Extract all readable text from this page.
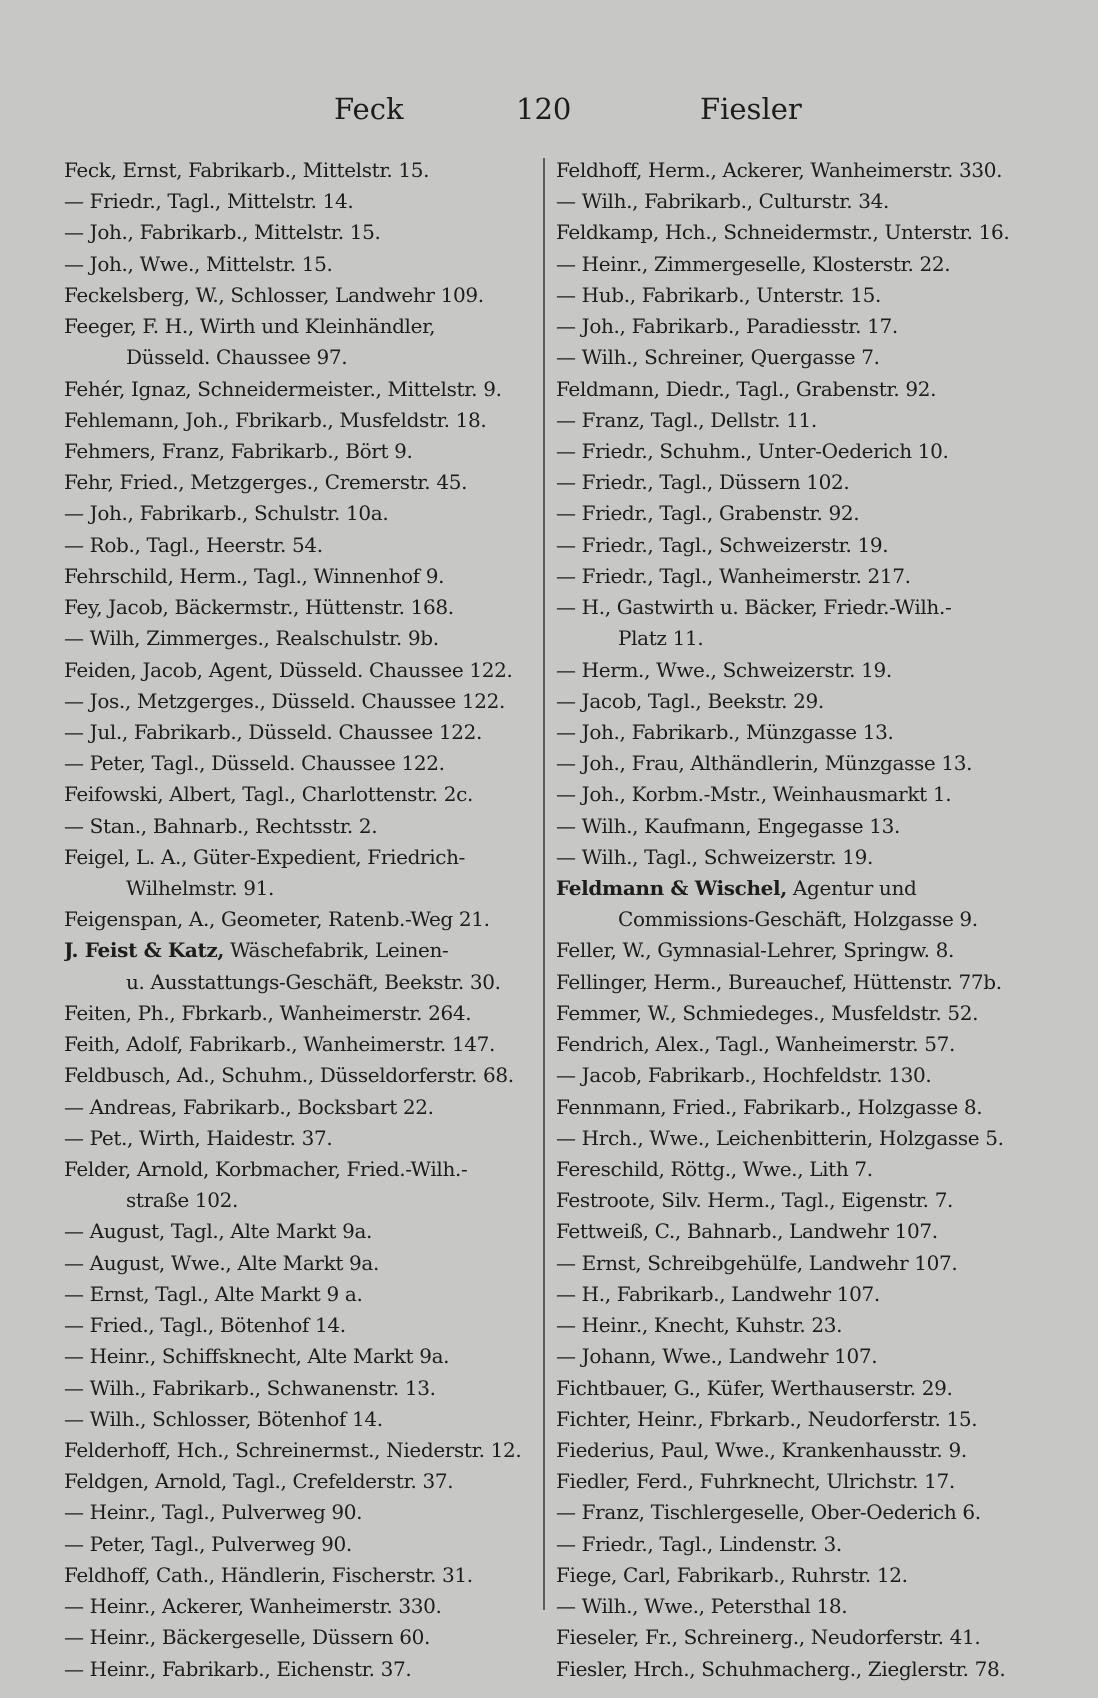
Feck	120	Fiesler
Feck, Ernst, Fabrikarb., Mittelstr. 15.
— Friedr., Tagl., Mittelstr. 14.
— Joh., Fabrikarb., Mittelstr. 15.
— Joh., Wwe., Mittelstr. 15.
Feckelsberg, W., Schlosser, Landwehr 109.
Feeger, F. H., Wirth und Kleinhändler,
Düsseld. Chaussee 97.
Fehér, Ignaz, Schneidermeister., Mittelstr. 9.
Fehlemann, Joh., Fbrikarb., Musfeldstr. 18.
Fehmers, Franz, Fabrikarb., Bört 9.
Fehr, Fried., Metzgerges., Cremerstr. 45.
— Joh., Fabrikarb., Schulstr. 10a.
— Rob., Tagl., Heerstr. 54.
Fehrschild, Herm., Tagl., Winnenhof 9.
Fey, Jacob, Bäckermstr., Hüttenstr. 168.
— Wilh, Zimmerges., Realschulstr. 9b.
Feiden, Jacob, Agent, Düsseld. Chaussee 122.
— Jos., Metzgerges., Düsseld. Chaussee 122.
— Jul., Fabrikarb., Düsseld. Chaussee 122.
— Peter, Tagl., Düsseld. Chaussee 122.
Feifowski, Albert, Tagl., Charlottenstr. 2c.
— Stan., Bahnarb., Rechtsstr. 2.
Feigel, L. A., Güter-Expedient, Friedrich-
Wilhelmstr. 91.
Feigenspan, A., Geometer, Ratenb.-Weg 21.
J. Feist & Katz, Wäschefabrik, Leinen-
u. Ausstattungs-Geschäft, Beekstr. 30.
Feiten, Ph., Fbrkarb., Wanheimerstr. 264.
Feith, Adolf, Fabrikarb., Wanheimerstr. 147.
Feldbusch, Ad., Schuhm., Düsseldorferstr. 68.
— Andreas, Fabrikarb., Bocksbart 22.
— Pet., Wirth, Haidestr. 37.
Felder, Arnold, Korbmacher, Fried.-Wilh.-
straße 102.
— August, Tagl., Alte Markt 9a.
— August, Wwe., Alte Markt 9a.
— Ernst, Tagl., Alte Markt 9 a.
— Fried., Tagl., Bötenhof 14.
— Heinr., Schiffsknecht, Alte Markt 9a.
— Wilh., Fabrikarb., Schwanenstr. 13.
— Wilh., Schlosser, Bötenhof 14.
Felderhoff, Hch., Schreinermst., Niederstr. 12.
Feldgen, Arnold, Tagl., Crefelderstr. 37.
— Heinr., Tagl., Pulverweg 90.
— Peter, Tagl., Pulverweg 90.
Feldhoff, Cath., Händlerin, Fischerstr. 31.
— Heinr., Ackerer, Wanheimerstr. 330.
— Heinr., Bäckergeselle, Düssern 60.
— Heinr., Fabrikarb., Eichenstr. 37.
Feldhoff, Herm., Ackerer, Wanheimerstr. 330.
— Wilh., Fabrikarb., Culturstr. 34.
Feldkamp, Hch., Schneidermstr., Unterstr. 16.
— Heinr., Zimmergeselle, Klosterstr. 22.
— Hub., Fabrikarb., Unterstr. 15.
— Joh., Fabrikarb., Paradiesstr. 17.
— Wilh., Schreiner, Quergasse 7.
Feldmann, Diedr., Tagl., Grabenstr. 92.
— Franz, Tagl., Dellstr. 11.
— Friedr., Schuhm., Unter-Oederich 10.
— Friedr., Tagl., Düssern 102.
— Friedr., Tagl., Grabenstr. 92.
— Friedr., Tagl., Schweizerstr. 19.
— Friedr., Tagl., Wanheimerstr. 217.
— H., Gastwirth u. Bäcker, Friedr.-Wilh.-
Platz 11.
— Herm., Wwe., Schweizerstr. 19.
— Jacob, Tagl., Beekstr. 29.
— Joh., Fabrikarb., Münzgasse 13.
— Joh., Frau, Althändlerin, Münzgasse 13.
— Joh., Korbm.-Mstr., Weinhausmarkt 1.
— Wilh., Kaufmann, Engegasse 13.
— Wilh., Tagl., Schweizerstr. 19.
Feldmann & Wischel, Agentur und
Commissions-Geschäft, Holzgasse 9.
Feller, W., Gymnasial-Lehrer, Springw. 8.
Fellinger, Herm., Bureauchef, Hüttenstr. 77b.
Femmer, W., Schmiedeges., Musfeldstr. 52.
Fendrich, Alex., Tagl., Wanheimerstr. 57.
— Jacob, Fabrikarb., Hochfeldstr. 130.
Fennmann, Fried., Fabrikarb., Holzgasse 8.
— Hrch., Wwe., Leichenbitterin, Holzgasse 5.
Fereschild, Röttg., Wwe., Lith 7.
Festroote, Silv. Herm., Tagl., Eigenstr. 7.
Fettweiß, C., Bahnarb., Landwehr 107.
— Ernst, Schreibgehülfe, Landwehr 107.
— H., Fabrikarb., Landwehr 107.
— Heinr., Knecht, Kuhstr. 23.
— Johann, Wwe., Landwehr 107.
Fichtbauer, G., Küfer, Werthauserstr. 29.
Fichter, Heinr., Fbrkarb., Neudorferstr. 15.
Fiederius, Paul, Wwe., Krankenhausstr. 9.
Fiedler, Ferd., Fuhrknecht, Ulrichstr. 17.
— Franz, Tischlergeselle, Ober-Oederich 6.
— Friedr., Tagl., Lindenstr. 3.
Fiege, Carl, Fabrikarb., Ruhrstr. 12.
— Wilh., Wwe., Petersthal 18.
Fieseler, Fr., Schreinerg., Neudorferstr. 41.
Fiesler, Hrch., Schuhmacherg., Zieglerstr. 78.
